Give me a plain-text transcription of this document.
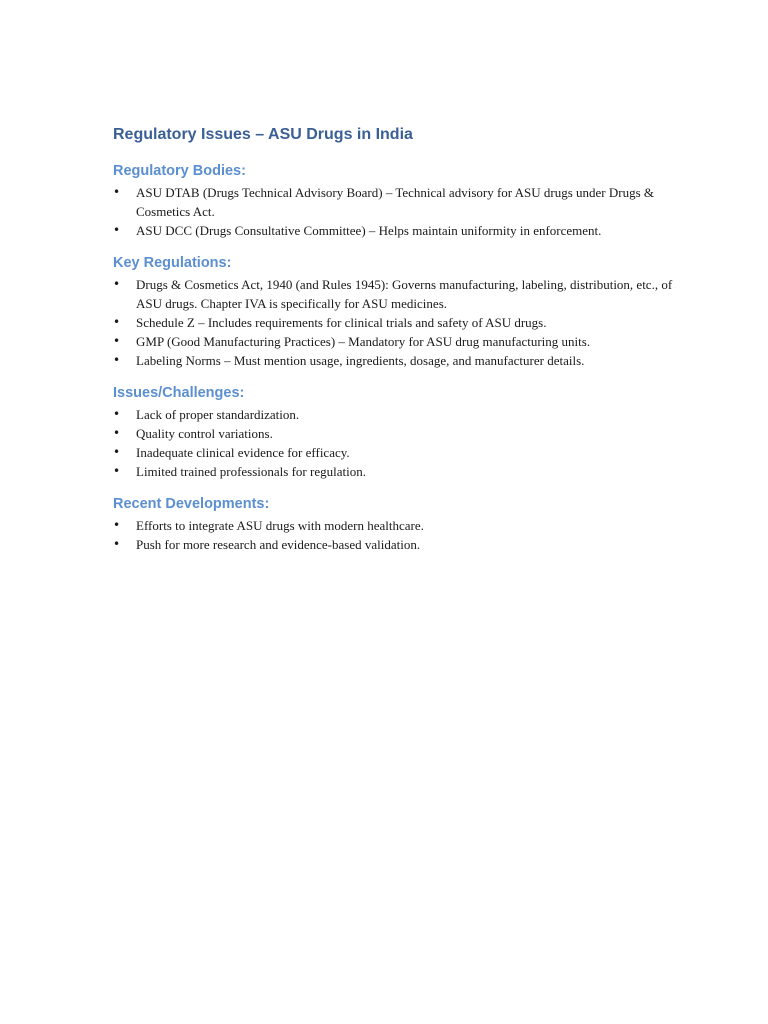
Regulatory Issues – ASU Drugs in India
Regulatory Bodies:
• ASU DTAB (Drugs Technical Advisory Board) – Technical advisory for ASU drugs under Drugs & Cosmetics Act.
• ASU DCC (Drugs Consultative Committee) – Helps maintain uniformity in enforcement.
Key Regulations:
• Drugs & Cosmetics Act, 1940 (and Rules 1945): Governs manufacturing, labeling, distribution, etc., of ASU drugs. Chapter IVA is specifically for ASU medicines.
• Schedule Z – Includes requirements for clinical trials and safety of ASU drugs.
• GMP (Good Manufacturing Practices) – Mandatory for ASU drug manufacturing units.
• Labeling Norms – Must mention usage, ingredients, dosage, and manufacturer details.
Issues/Challenges:
• Lack of proper standardization.
• Quality control variations.
• Inadequate clinical evidence for efficacy.
• Limited trained professionals for regulation.
Recent Developments:
• Efforts to integrate ASU drugs with modern healthcare.
• Push for more research and evidence-based validation.
